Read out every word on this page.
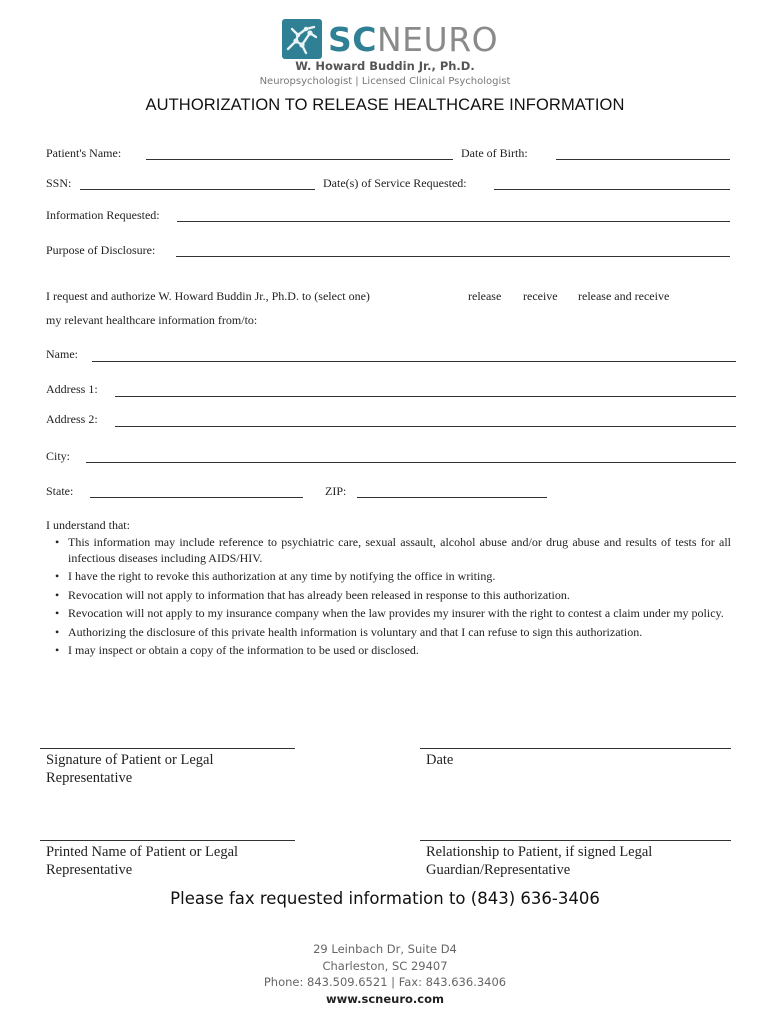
SCNEURO
W. Howard Buddin Jr., Ph.D.
Neuropsychologist | Licensed Clinical Psychologist
AUTHORIZATION TO RELEASE HEALTHCARE INFORMATION
Patient's Name:	Date of Birth:
SSN:	Date(s) of Service Requested:
Information Requested:
Purpose of Disclosure:
I request and authorize W. Howard Buddin Jr., Ph.D. to (select one)	release receive release and receive
my relevant healthcare information from/to:
Name:
Address 1:
Address 2:
City:
State:	ZIP:
I understand that:
• This information may include reference to psychiatric care, sexual assault, alcohol abuse and/or drug abuse and results of tests for all infectious diseases including AIDS/HIV.
• I have the right to revoke this authorization at any time by notifying the office in writing.
• Revocation will not apply to information that has already been released in response to this authorization.
• Revocation will not apply to my insurance company when the law provides my insurer with the right to contest a claim under my policy.
• Authorizing the disclosure of this private health information is voluntary and that I can refuse to sign this authorization.
• I may inspect or obtain a copy of the information to be used or disclosed.
Signature of Patient or Legal Representative
Date
Printed Name of Patient or Legal Representative
Relationship to Patient, if signed Legal Guardian/Representative
Please fax requested information to (843) 636-3406
29 Leinbach Dr, Suite D4
Charleston, SC 29407
Phone: 843.509.6521 | Fax: 843.636.3406
www.scneuro.com
